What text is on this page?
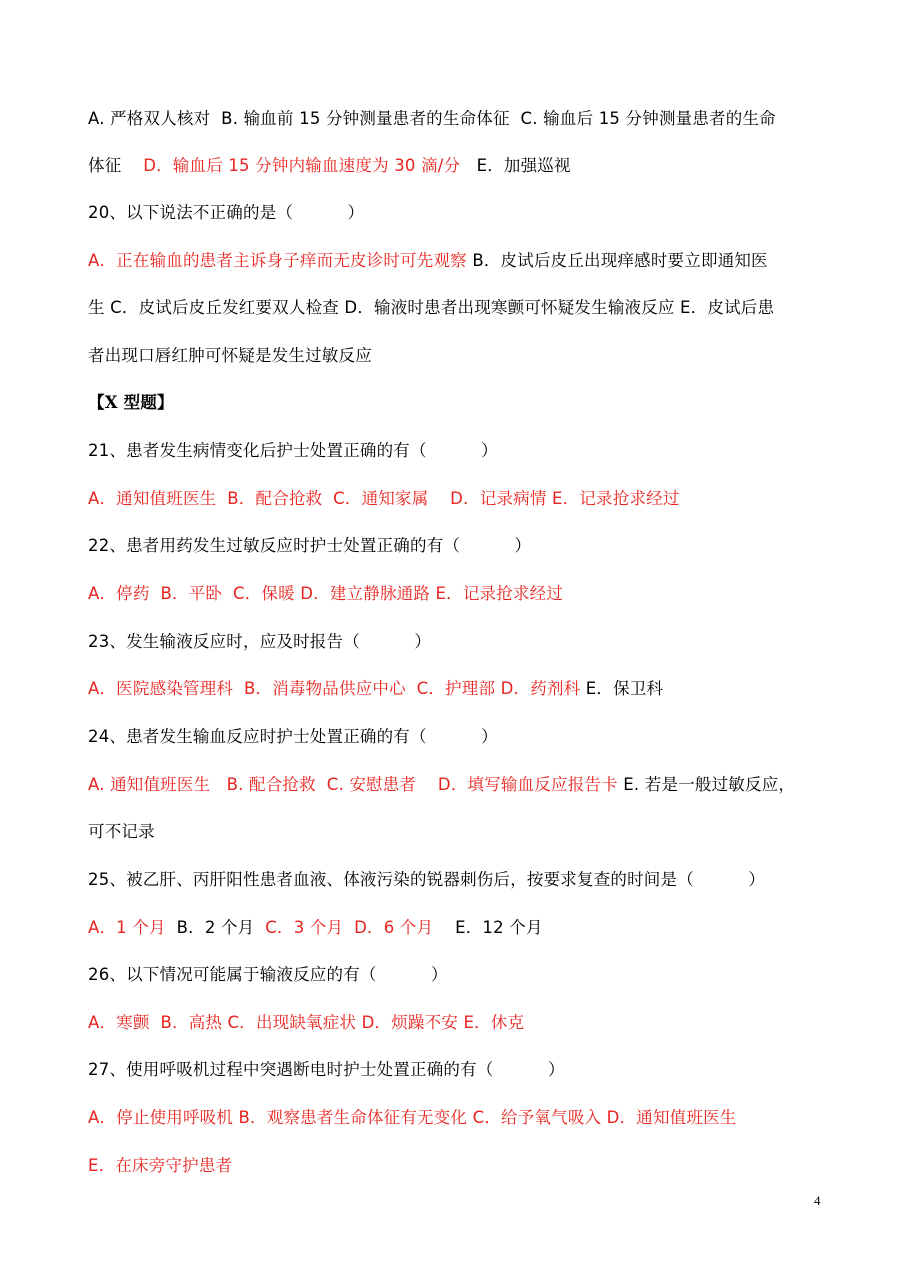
A. 严格双人核对  B. 输血前 15 分钟测量患者的生命体征  C. 输血后 15 分钟测量患者的生命
体征    D．输血后 15 分钟内输血速度为 30 滴/分   E．加强巡视
20、以下说法不正确的是（          ）
A．正在输血的患者主诉身子痒而无皮诊时可先观察 B．皮试后皮丘出现痒感时要立即通知医
生 C．皮试后皮丘发红要双人检查 D．输液时患者出现寒颤可怀疑发生输液反应 E．皮试后患
者出现口唇红肿可怀疑是发生过敏反应
【X 型题】
21、患者发生病情变化后护士处置正确的有（          ）
A．通知值班医生  B．配合抢救  C．通知家属    D．记录病情 E．记录抢求经过
22、患者用药发生过敏反应时护士处置正确的有（          ）
A．停药  B．平卧  C．保暖 D．建立静脉通路 E．记录抢求经过
23、发生输液反应时，应及时报告（          ）
A．医院感染管理科  B．消毒物品供应中心  C．护理部 D．药剂科 E．保卫科
24、患者发生输血反应时护士处置正确的有（          ）
A. 通知值班医生   B. 配合抢救  C. 安慰患者    D．填写输血反应报告卡 E. 若是一般过敏反应，
可不记录
25、被乙肝、丙肝阳性患者血液、体液污染的锐器刺伤后，按要求复查的时间是（          ）
A．1 个月  B．2 个月  C．3 个月  D．6 个月    E．12 个月
26、以下情况可能属于输液反应的有（          ）
A．寒颤  B．高热 C．出现缺氧症状 D．烦躁不安 E．休克
27、使用呼吸机过程中突遇断电时护士处置正确的有（          ）
A．停止使用呼吸机 B．观察患者生命体征有无变化 C．给予氧气吸入 D．通知值班医生
E．在床旁守护患者
4
